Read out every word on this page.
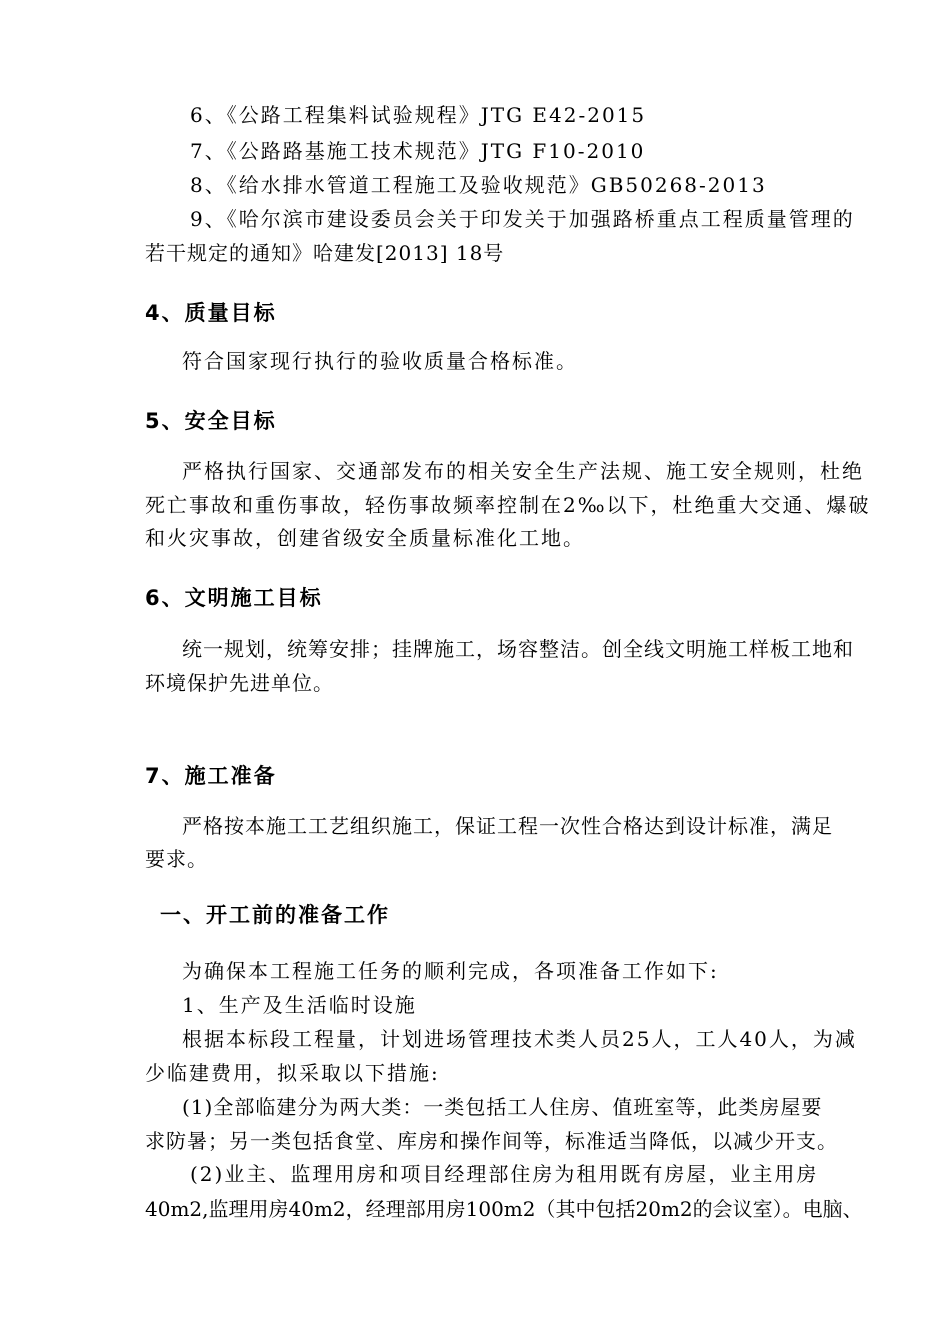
6、《公路工程集料试验规程》JTG E42-2015
7、《公路路基施工技术规范》JTG F10-2010
8、《给水排水管道工程施工及验收规范》GB50268-2013
9、《哈尔滨市建设委员会关于印发关于加强路桥重点工程质量管理的
若干规定的通知》哈建发[2013] 18号
4、质量目标
符合国家现行执行的验收质量合格标准。
5、安全目标
严格执行国家、交通部发布的相关安全生产法规、施工安全规则，杜绝
死亡事故和重伤事故，轻伤事故频率控制在2‰以下，杜绝重大交通、爆破
和火灾事故，创建省级安全质量标准化工地。
6、文明施工目标
统一规划，统筹安排；挂牌施工，场容整洁。创全线文明施工样板工地和
环境保护先进单位。
7、施工准备
严格按本施工工艺组织施工，保证工程一次性合格达到设计标准，满足
要求。
一、开工前的准备工作
为确保本工程施工任务的顺利完成，各项准备工作如下:
1、生产及生活临时设施
根据本标段工程量，计划进场管理技术类人员25人，工人40人，为减
少临建费用，拟采取以下措施:
(1)全部临建分为两大类：一类包括工人住房、值班室等，此类房屋要
求防暑；另一类包括食堂、库房和操作间等，标准适当降低，以减少开支。
(2)业主、监理用房和项目经理部住房为租用既有房屋，业主用房
40m2,监理用房40m2，经理部用房100m2（其中包括20m2的会议室）。电脑、
